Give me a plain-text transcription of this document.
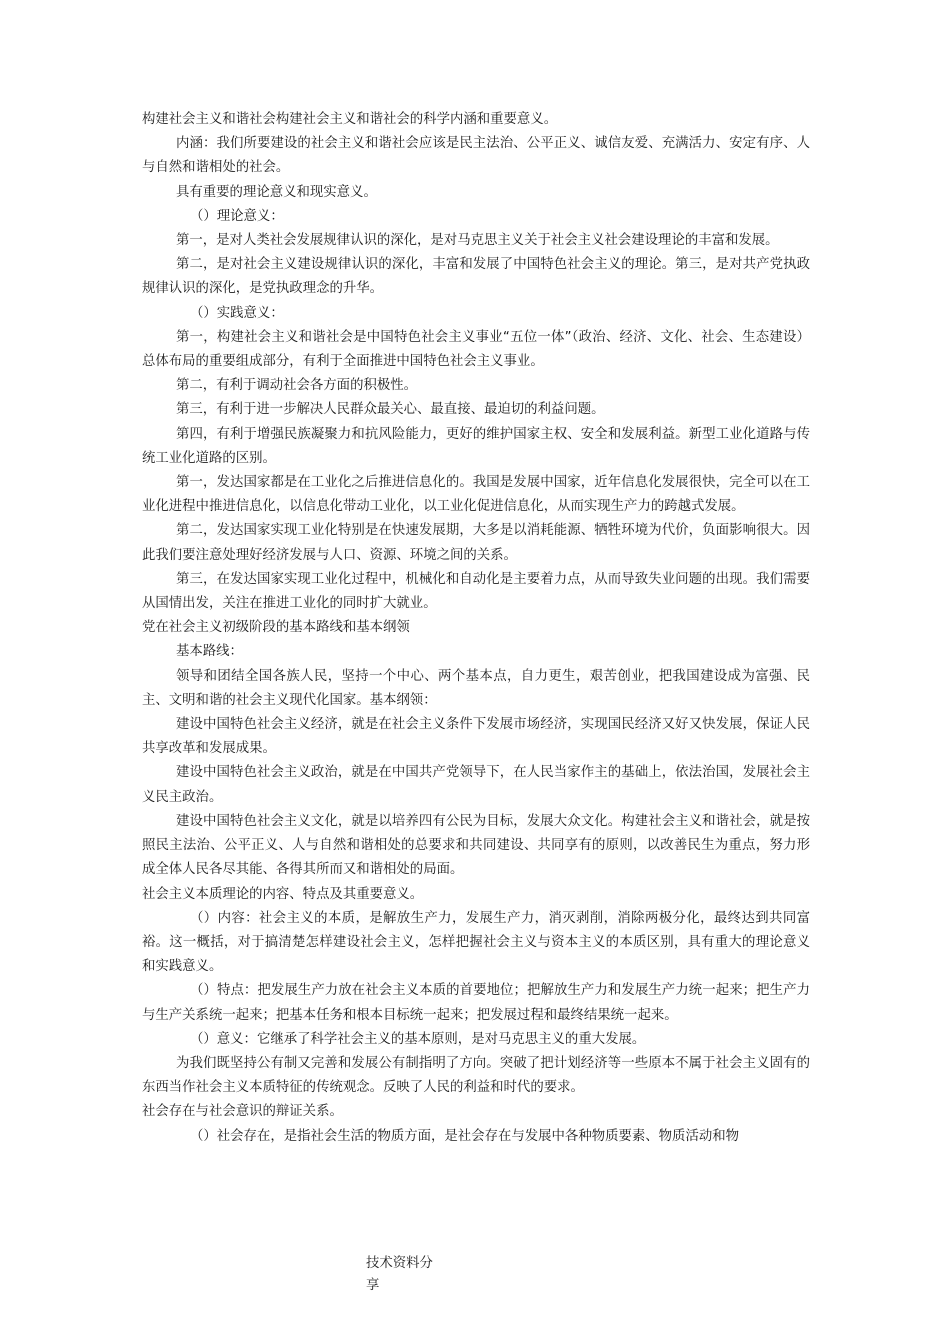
构建社会主义和谐社会构建社会主义和谐社会的科学内涵和重要意义。

内涵：我们所要建设的社会主义和谐社会应该是民主法治、公平正义、诚信友爱、充满活力、安定有序、人与自然和谐相处的社会。

具有重要的理论意义和现实意义。

（）理论意义：

第一，是对人类社会发展规律认识的深化，是对马克思主义关于社会主义社会建设理论的丰富和发展。

第二，是对社会主义建设规律认识的深化，丰富和发展了中国特色社会主义的理论。第三，是对共产党执政规律认识的深化，是党执政理念的升华。

（）实践意义：

第一，构建社会主义和谐社会是中国特色社会主义事业“五位一体”（政治、经济、文化、社会、生态建设）总体布局的重要组成部分，有利于全面推进中国特色社会主义事业。

第二，有利于调动社会各方面的积极性。

第三，有利于进一步解决人民群众最关心、最直接、最迫切的利益问题。

第四，有利于增强民族凝聚力和抗风险能力，更好的维护国家主权、安全和发展利益。新型工业化道路与传统工业化道路的区别。

第一，发达国家都是在工业化之后推进信息化的。我国是发展中国家，近年信息化发展很快，完全可以在工业化进程中推进信息化，以信息化带动工业化，以工业化促进信息化，从而实现生产力的跨越式发展。

第二，发达国家实现工业化特别是在快速发展期，大多是以消耗能源、牺牲环境为代价，负面影响很大。因此我们要注意处理好经济发展与人口、资源、环境之间的关系。

第三，在发达国家实现工业化过程中，机械化和自动化是主要着力点，从而导致失业问题的出现。我们需要从国情出发，关注在推进工业化的同时扩大就业。

党在社会主义初级阶段的基本路线和基本纲领

基本路线：

领导和团结全国各族人民，坚持一个中心、两个基本点，自力更生，艰苦创业，把我国建设成为富强、民主、文明和谐的社会主义现代化国家。基本纲领：

建设中国特色社会主义经济，就是在社会主义条件下发展市场经济，实现国民经济又好又快发展，保证人民共享改革和发展成果。

建设中国特色社会主义政治，就是在中国共产党领导下，在人民当家作主的基础上，依法治国，发展社会主义民主政治。

建设中国特色社会主义文化，就是以培养四有公民为目标，发展大众文化。构建社会主义和谐社会，就是按照民主法治、公平正义、人与自然和谐相处的总要求和共同建设、共同享有的原则，以改善民生为重点，努力形成全体人民各尽其能、各得其所而又和谐相处的局面。

社会主义本质理论的内容、特点及其重要意义。

（）内容：社会主义的本质，是解放生产力，发展生产力，消灭剥削，消除两极分化，最终达到共同富裕。这一概括，对于搞清楚怎样建设社会主义，怎样把握社会主义与资本主义的本质区别，具有重大的理论意义和实践意义。

（）特点：把发展生产力放在社会主义本质的首要地位；把解放生产力和发展生产力统一起来；把生产力与生产关系统一起来；把基本任务和根本目标统一起来；把发展过程和最终结果统一起来。

（）意义：它继承了科学社会主义的基本原则，是对马克思主义的重大发展。

为我们既坚持公有制又完善和发展公有制指明了方向。突破了把计划经济等一些原本不属于社会主义固有的东西当作社会主义本质特征的传统观念。反映了人民的利益和时代的要求。

社会存在与社会意识的辩证关系。

（）社会存在，是指社会生活的物质方面，是社会存在与发展中各种物质要素、物质活动和物

技术资料分享
